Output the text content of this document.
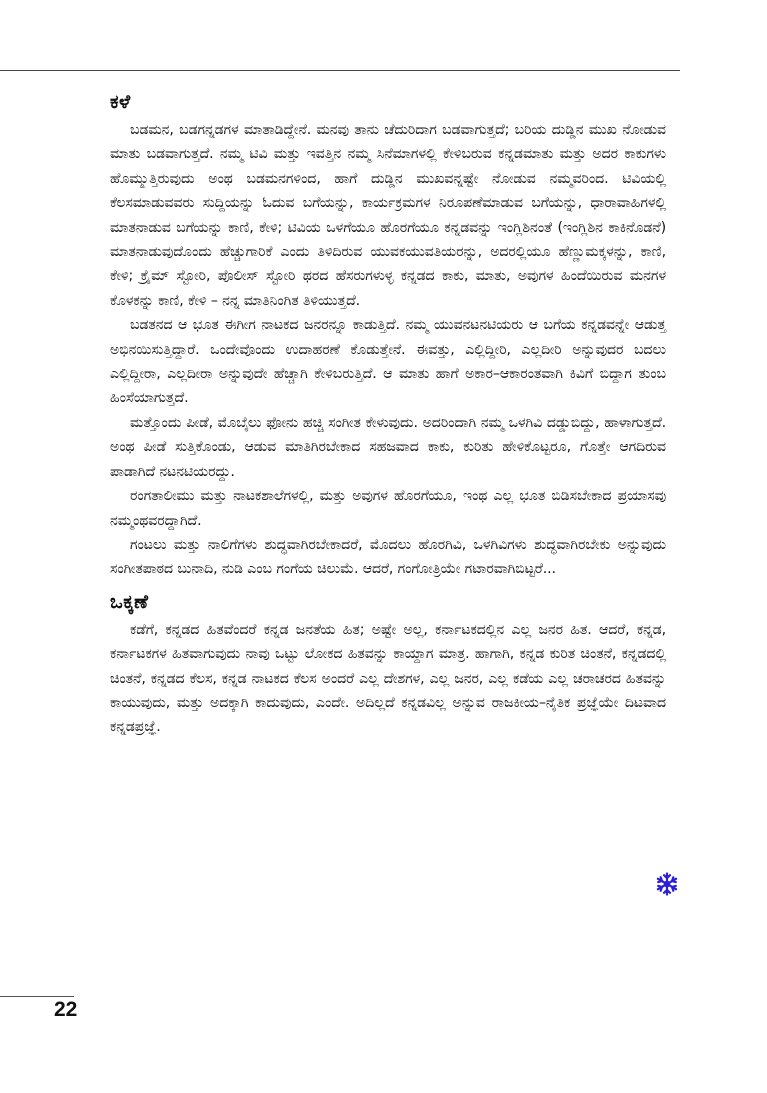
ಕಳೆ

ಬಡಮನ, ಬಡಗನ್ನಡಗಳ ಮಾತಾಡಿದ್ದೇನೆ. ಮನವು ತಾನು ಚೆದುರಿದಾಗ ಬಡವಾಗುತ್ತದೆ; ಬರಿಯ ದುಡ್ಡಿನ ಮುಖ ನೋಡುವ ಮಾತು ಬಡವಾಗುತ್ತದೆ. ನಮ್ಮ ಟಿವಿ ಮತ್ತು ಇವತ್ತಿನ ನಮ್ಮ ಸಿನೆಮಾಗಳಲ್ಲಿ ಕೇಳಿಬರುವ ಕನ್ನಡಮಾತು ಮತ್ತು ಅದರ ಕಾಕುಗಳು ಹೊಮ್ಮುತ್ತಿರುವುದು ಅಂಥ ಬಡಮನಗಳಿಂದ, ಹಾಗೆ ದುಡ್ಡಿನ ಮುಖವನ್ನಷ್ಟೇ ನೋಡುವ ನಮ್ಮವರಿಂದ. ಟಿವಿಯಲ್ಲಿ ಕೆಲಸಮಾಡುವವರು ಸುದ್ದಿಯನ್ನು ಓದುವ ಬಗೆಯನ್ನು, ಕಾರ್ಯಕ್ರಮಗಳ ನಿರೂಪಣೆಮಾಡುವ ಬಗೆಯನ್ನು, ಧಾರಾವಾಹಿಗಳಲ್ಲಿ ಮಾತನಾಡುವ ಬಗೆಯನ್ನು ಕಾಣಿ, ಕೇಳಿ; ಟಿವಿಯ ಒಳಗೆಯೂ ಹೊರಗೆಯೂ ಕನ್ನಡವನ್ನು ಇಂಗ್ಲಿಶಿನಂತೆ (ಇಂಗ್ಲಿಶಿನ ಕಾಕಿನೊಡನೆ) ಮಾತನಾಡುವುದೊಂದು ಹೆಚ್ಚುಗಾರಿಕೆ ಎಂದು ತಿಳಿದಿರುವ ಯುವಕಯುವತಿಯರನ್ನು, ಅದರಲ್ಲಿಯೂ ಹೆಣ್ಣುಮಕ್ಕಳನ್ನು, ಕಾಣಿ, ಕೇಳಿ; ಕ್ರೈಮ್ ಸ್ಟೋರಿ, ಪೊಲೀಸ್ ಸ್ಟೋರಿ ಥರದ ಹೆಸರುಗಳುಳ್ಳ ಕನ್ನಡದ ಕಾಕು, ಮಾತು, ಅವುಗಳ ಹಿಂದೆಯಿರುವ ಮನಗಳ ಕೊಳಕನ್ನು ಕಾಣಿ, ಕೇಳಿ – ನನ್ನ ಮಾತಿನಿಂಗಿತ ತಿಳಿಯುತ್ತದೆ.

ಬಡತನದ ಆ ಭೂತ ಈಗೀಗ ನಾಟಕದ ಜನರನ್ನೂ ಕಾಡುತ್ತಿದೆ. ನಮ್ಮ ಯುವನಟನಟಿಯರು ಆ ಬಗೆಯ ಕನ್ನಡವನ್ನೇ ಆಡುತ್ತ ಅಭಿನಯಿಸುತ್ತಿದ್ದಾರೆ. ಒಂದೇವೊಂದು ಉದಾಹರಣೆ ಕೊಡುತ್ತೇನೆ. ಈವತ್ತು, ಎಲ್ಲಿದ್ದೀರಿ, ಎಲ್ಲದೀರಿ ಅನ್ನುವುದರ ಬದಲು ಎಲ್ಲಿದ್ದೀರಾ, ಎಲ್ಲದೀರಾ ಅನ್ನುವುದೇ ಹೆಚ್ಚಾಗಿ ಕೇಳಿಬರುತ್ತಿದೆ. ಆ ಮಾತು ಹಾಗೆ ಅಕಾರ–ಆಕಾರಂತವಾಗಿ ಕಿವಿಗೆ ಬಿದ್ದಾಗ ತುಂಬ ಹಿಂಸೆಯಾಗುತ್ತದೆ.

ಮತ್ತೊಂದು ಪೀಡೆ, ಮೊಬೈಲು ಫೋನು ಹಚ್ಚಿ ಸಂಗೀತ ಕೇಳುವುದು. ಅದರಿಂದಾಗಿ ನಮ್ಮ ಒಳಗಿವಿ ದಡ್ಡುಬಿದ್ದು, ಹಾಳಾಗುತ್ತದೆ. ಅಂಥ ಪೀಡೆ ಸುತ್ತಿಕೊಂಡು, ಆಡುವ ಮಾತಿಗಿರಬೇಕಾದ ಸಹಜವಾದ ಕಾಕು, ಕುರಿತು ಹೇಳಿಕೊಟ್ಟರೂ, ಗೊತ್ತೇ ಆಗದಿರುವ ಪಾಡಾಗಿದೆ ನಟನಟಿಯರದ್ದು.

ರಂಗತಾಲೀಮು ಮತ್ತು ನಾಟಕಶಾಲೆಗಳಲ್ಲಿ, ಮತ್ತು ಅವುಗಳ ಹೊರಗೆಯೂ, ಇಂಥ ಎಲ್ಲ ಭೂತ ಬಿಡಿಸಬೇಕಾದ ಪ್ರಯಾಸವು ನಮ್ಮಂಥವರದ್ದಾಗಿದೆ.

ಗಂಟಲು ಮತ್ತು ನಾಲಿಗೆಗಳು ಶುದ್ಧವಾಗಿರಬೇಕಾದರೆ, ಮೊದಲು ಹೊರಗಿವಿ, ಒಳಗಿವಿಗಳು ಶುದ್ಧವಾಗಿರಬೇಕು ಅನ್ನುವುದು ಸಂಗೀತಪಾಠದ ಬುನಾದಿ, ನುಡಿ ಎಂಬ ಗಂಗೆಯ ಚಿಲುಮೆ. ಆದರೆ, ಗಂಗೋತ್ರಿಯೇ ಗಟಾರವಾಗಿಬಿಟ್ಟರೆ...

ಒಕ್ಕಣೆ

ಕಡೆಗೆ, ಕನ್ನಡದ ಹಿತವೆಂದರೆ ಕನ್ನಡ ಜನತೆಯ ಹಿತ; ಅಷ್ಟೇ ಅಲ್ಲ, ಕರ್ನಾಟಕದಲ್ಲಿನ ಎಲ್ಲ ಜನರ ಹಿತ. ಆದರೆ, ಕನ್ನಡ, ಕರ್ನಾಟಕಗಳ ಹಿತವಾಗುವುದು ನಾವು ಒಟ್ಟು ಲೋಕದ ಹಿತವನ್ನು ಕಾಯ್ದಾಗ ಮಾತ್ರ. ಹಾಗಾಗಿ, ಕನ್ನಡ ಕುರಿತ ಚಿಂತನೆ, ಕನ್ನಡದಲ್ಲಿ ಚಿಂತನೆ, ಕನ್ನಡದ ಕೆಲಸ, ಕನ್ನಡ ನಾಟಕದ ಕೆಲಸ ಅಂದರೆ ಎಲ್ಲ ದೇಶಗಳ, ಎಲ್ಲ ಜನರ, ಎಲ್ಲ ಕಡೆಯ ಎಲ್ಲ ಚರಾಚರದ ಹಿತವನ್ನು ಕಾಯುವುದು, ಮತ್ತು ಅದಕ್ಕಾಗಿ ಕಾದುವುದು, ಎಂದೇ. ಅದಿಲ್ಲದೆ ಕನ್ನಡವಿಲ್ಲ ಅನ್ನುವ ರಾಜಕೀಯ–ನೈತಿಕ ಪ್ರಜ್ಞೆಯೇ ದಿಟವಾದ ಕನ್ನಡಪ್ರಜ್ಞೆ.

22
